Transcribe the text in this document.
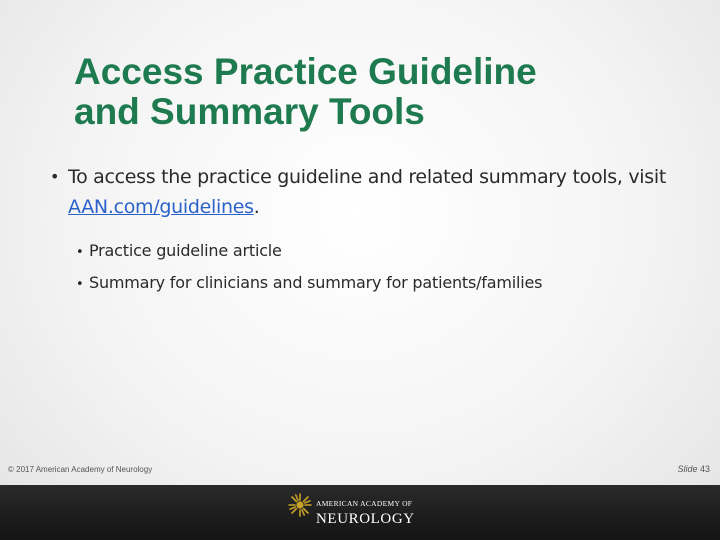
Access Practice Guideline
and Summary Tools
• To access the practice guideline and related summary tools, visit AAN.com/guidelines.
• Practice guideline article
• Summary for clinicians and summary for patients/families
© 2017 American Academy of Neurology	Slide 43
AMERICAN ACADEMY OF
NEUROLOGY
